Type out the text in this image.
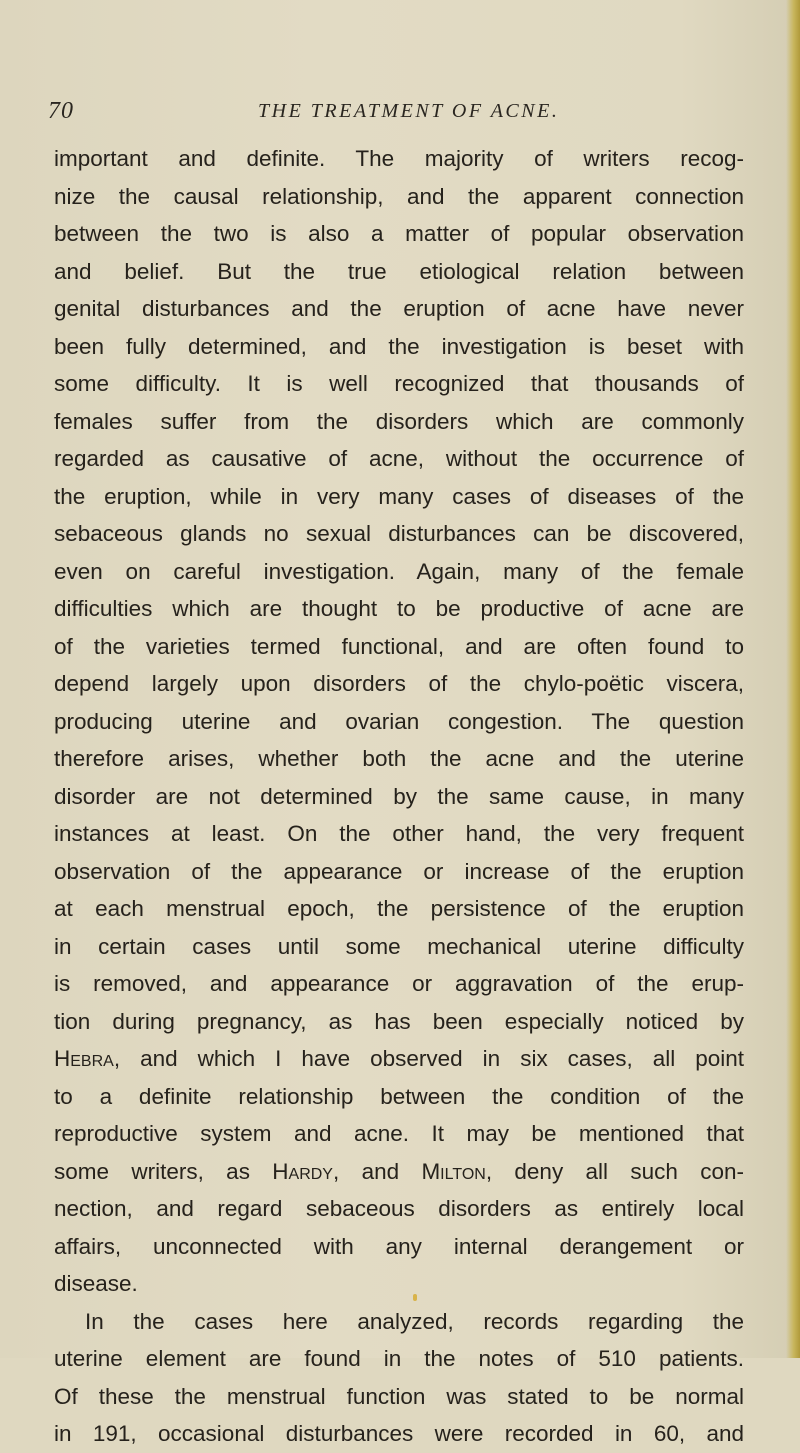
70	THE TREATMENT OF ACNE.
important and definite. The majority of writers recog-
nize the causal relationship, and the apparent connection
between the two is also a matter of popular observation
and belief. But the true etiological relation between
genital disturbances and the eruption of acne have never
been fully determined, and the investigation is beset with
some difficulty. It is well recognized that thousands of
females suffer from the disorders which are commonly
regarded as causative of acne, without the occurrence of
the eruption, while in very many cases of diseases of the
sebaceous glands no sexual disturbances can be discovered,
even on careful investigation. Again, many of the female
difficulties which are thought to be productive of acne are
of the varieties termed functional, and are often found to
depend largely upon disorders of the chylo-poëtic viscera,
producing uterine and ovarian congestion. The question
therefore arises, whether both the acne and the uterine
disorder are not determined by the same cause, in many
instances at least. On the other hand, the very frequent
observation of the appearance or increase of the eruption
at each menstrual epoch, the persistence of the eruption
in certain cases until some mechanical uterine difficulty
is removed, and appearance or aggravation of the erup-
tion during pregnancy, as has been especially noticed by
Hebra, and which I have observed in six cases, all point
to a definite relationship between the condition of the
reproductive system and acne. It may be mentioned that
some writers, as Hardy, and Milton, deny all such con-
nection, and regard sebaceous disorders as entirely local
affairs, unconnected with any internal derangement or
disease.
In the cases here analyzed, records regarding the
uterine element are found in the notes of 510 patients.
Of these the menstrual function was stated to be normal
in 191, occasional disturbances were recorded in 60, and
